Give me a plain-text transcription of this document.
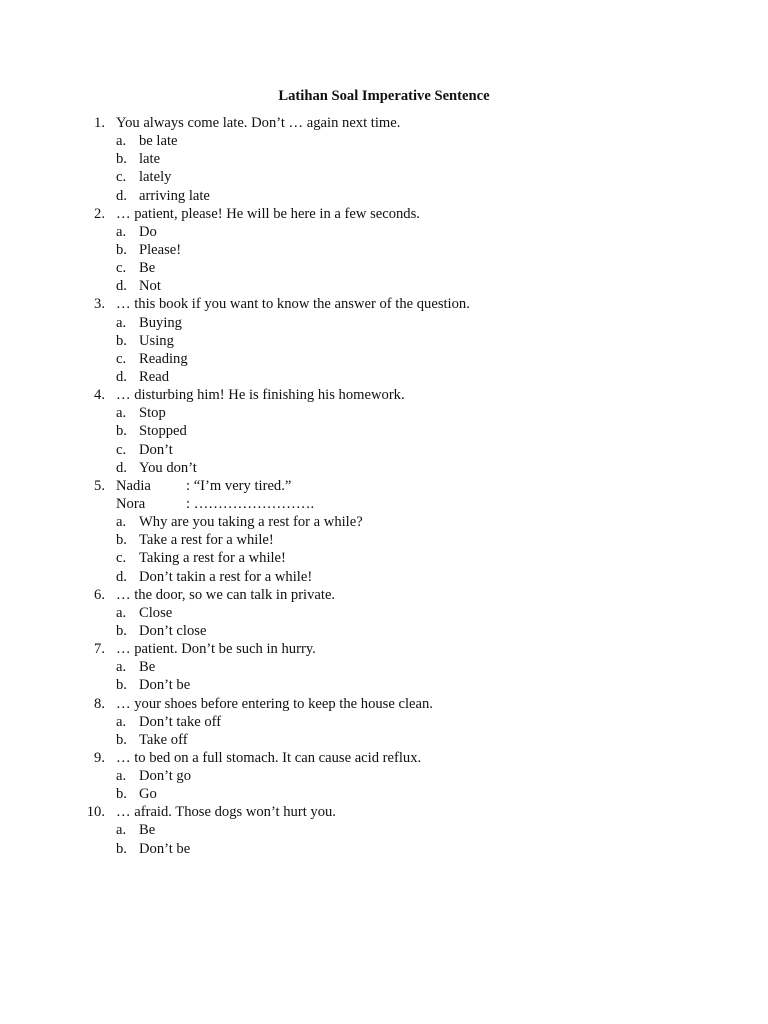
Latihan Soal Imperative Sentence
1. You always come late. Don’t … again next time.
a. be late
b. late
c. lately
d. arriving late
2. … patient, please! He will be here in a few seconds.
a. Do
b. Please!
c. Be
d. Not
3. … this book if you want to know the answer of the question.
a. Buying
b. Using
c. Reading
d. Read
4. … disturbing him! He is finishing his homework.
a. Stop
b. Stopped
c. Don’t
d. You don’t
5. Nadia : “I’m very tired.”
Nora	: …………………….
a. Why are you taking a rest for a while?
b. Take a rest for a while!
c. Taking a rest for a while!
d. Don’t takin a rest for a while!
6. … the door, so we can talk in private.
a. Close
b. Don’t close
7. … patient. Don’t be such in hurry.
a. Be
b. Don’t be
8. … your shoes before entering to keep the house clean.
a. Don’t take off
b. Take off
9. … to bed on a full stomach. It can cause acid reflux.
a. Don’t go
b. Go
10. … afraid. Those dogs won’t hurt you.
a. Be
b. Don’t be
